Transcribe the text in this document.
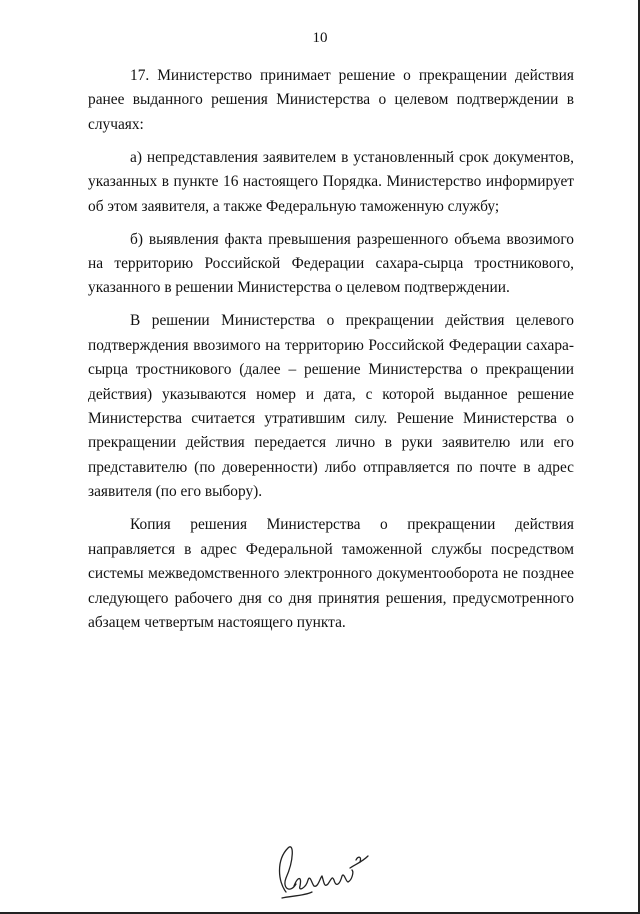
10

17. Министерство принимает решение о прекращении действия ранее выданного решения Министерства о целевом подтверждении в случаях:

а) непредставления заявителем в установленный срок документов, указанных в пункте 16 настоящего Порядка. Министерство информирует об этом заявителя, а также Федеральную таможенную службу;

б) выявления факта превышения разрешенного объема ввозимого на территорию Российской Федерации сахара-сырца тростникового, указанного в решении Министерства о целевом подтверждении.

В решении Министерства о прекращении действия целевого подтверждения ввозимого на территорию Российской Федерации сахара-сырца тростникового (далее – решение Министерства о прекращении действия) указываются номер и дата, с которой выданное решение Министерства считается утратившим силу. Решение Министерства о прекращении действия передается лично в руки заявителю или его представителю (по доверенности) либо отправляется по почте в адрес заявителя (по его выбору).

Копия решения Министерства о прекращении действия направляется в адрес Федеральной таможенной службы посредством системы межведомственного электронного документооборота не позднее следующего рабочего дня со дня принятия решения, предусмотренного абзацем четвертым настоящего пункта.
